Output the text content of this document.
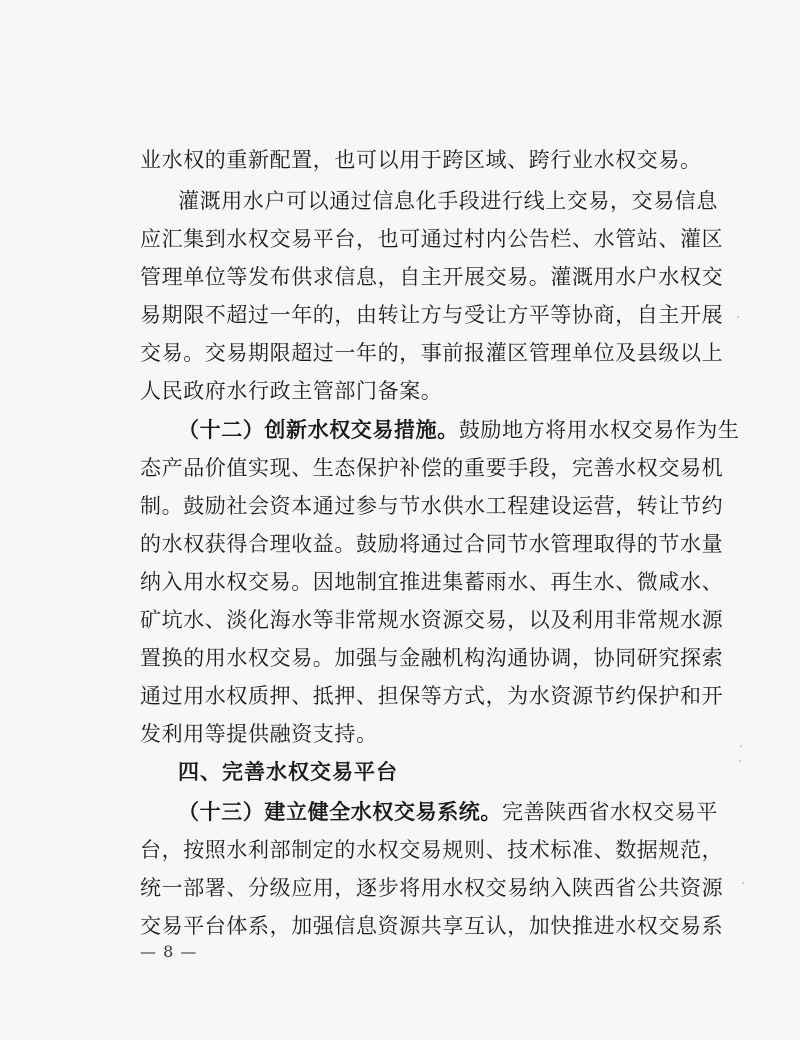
业水权的重新配置，也可以用于跨区域、跨行业水权交易。
灌溉用水户可以通过信息化手段进行线上交易，交易信息
应汇集到水权交易平台，也可通过村内公告栏、水管站、灌区
管理单位等发布供求信息，自主开展交易。灌溉用水户水权交
易期限不超过一年的，由转让方与受让方平等协商，自主开展
交易。交易期限超过一年的，事前报灌区管理单位及县级以上
人民政府水行政主管部门备案。
（十二）创新水权交易措施。鼓励地方将用水权交易作为生
态产品价值实现、生态保护补偿的重要手段，完善水权交易机
制。鼓励社会资本通过参与节水供水工程建设运营，转让节约
的水权获得合理收益。鼓励将通过合同节水管理取得的节水量
纳入用水权交易。因地制宜推进集蓄雨水、再生水、微咸水、
矿坑水、淡化海水等非常规水资源交易，以及利用非常规水源
置换的用水权交易。加强与金融机构沟通协调，协同研究探索
通过用水权质押、抵押、担保等方式，为水资源节约保护和开
发利用等提供融资支持。
四、完善水权交易平台
（十三）建立健全水权交易系统。完善陕西省水权交易平
台，按照水利部制定的水权交易规则、技术标准、数据规范，
统一部署、分级应用，逐步将用水权交易纳入陕西省公共资源
交易平台体系，加强信息资源共享互认，加快推进水权交易系
— 8 —
